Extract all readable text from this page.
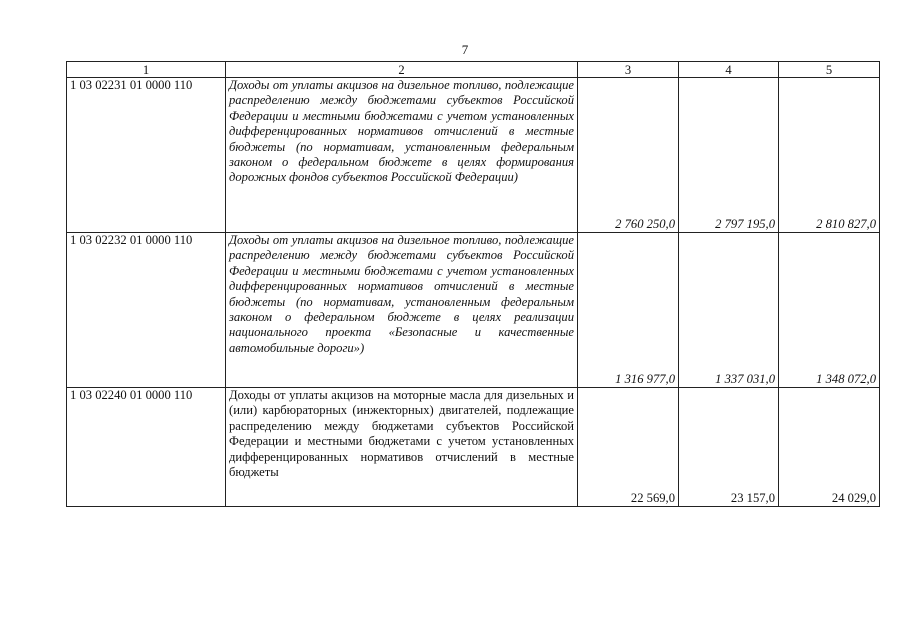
7
1	2	3	4	5
1 03 02231 01 0000 110	Доходы от уплаты акцизов на дизельное топливо, подлежащие распределению между бюджетами субъектов Российской Федерации и местными бюджетами с учетом установленных дифференцированных нормативов отчислений в местные бюджеты (по нормативам, установленным федеральным законом о федеральном бюджете в целях формирования дорожных фондов субъектов Российской Федерации)	2 760 250,0	2 797 195,0	2 810 827,0
1 03 02232 01 0000 110	Доходы от уплаты акцизов на дизельное топливо, подлежащие распределению между бюджетами субъектов Российской Федерации и местными бюджетами с учетом установленных дифференцированных нормативов отчислений в местные бюджеты (по нормативам, установленным федеральным законом о федеральном бюджете в целях реализации национального проекта «Безопасные и качественные автомобильные дороги»)	1 316 977,0	1 337 031,0	1 348 072,0
1 03 02240 01 0000 110	Доходы от уплаты акцизов на моторные масла для дизельных и (или) карбюраторных (инжекторных) двигателей, подлежащие распределению между бюджетами субъектов Российской Федерации и местными бюджетами с учетом установленных дифференцированных нормативов отчислений в местные бюджеты	22 569,0	23 157,0	24 029,0
